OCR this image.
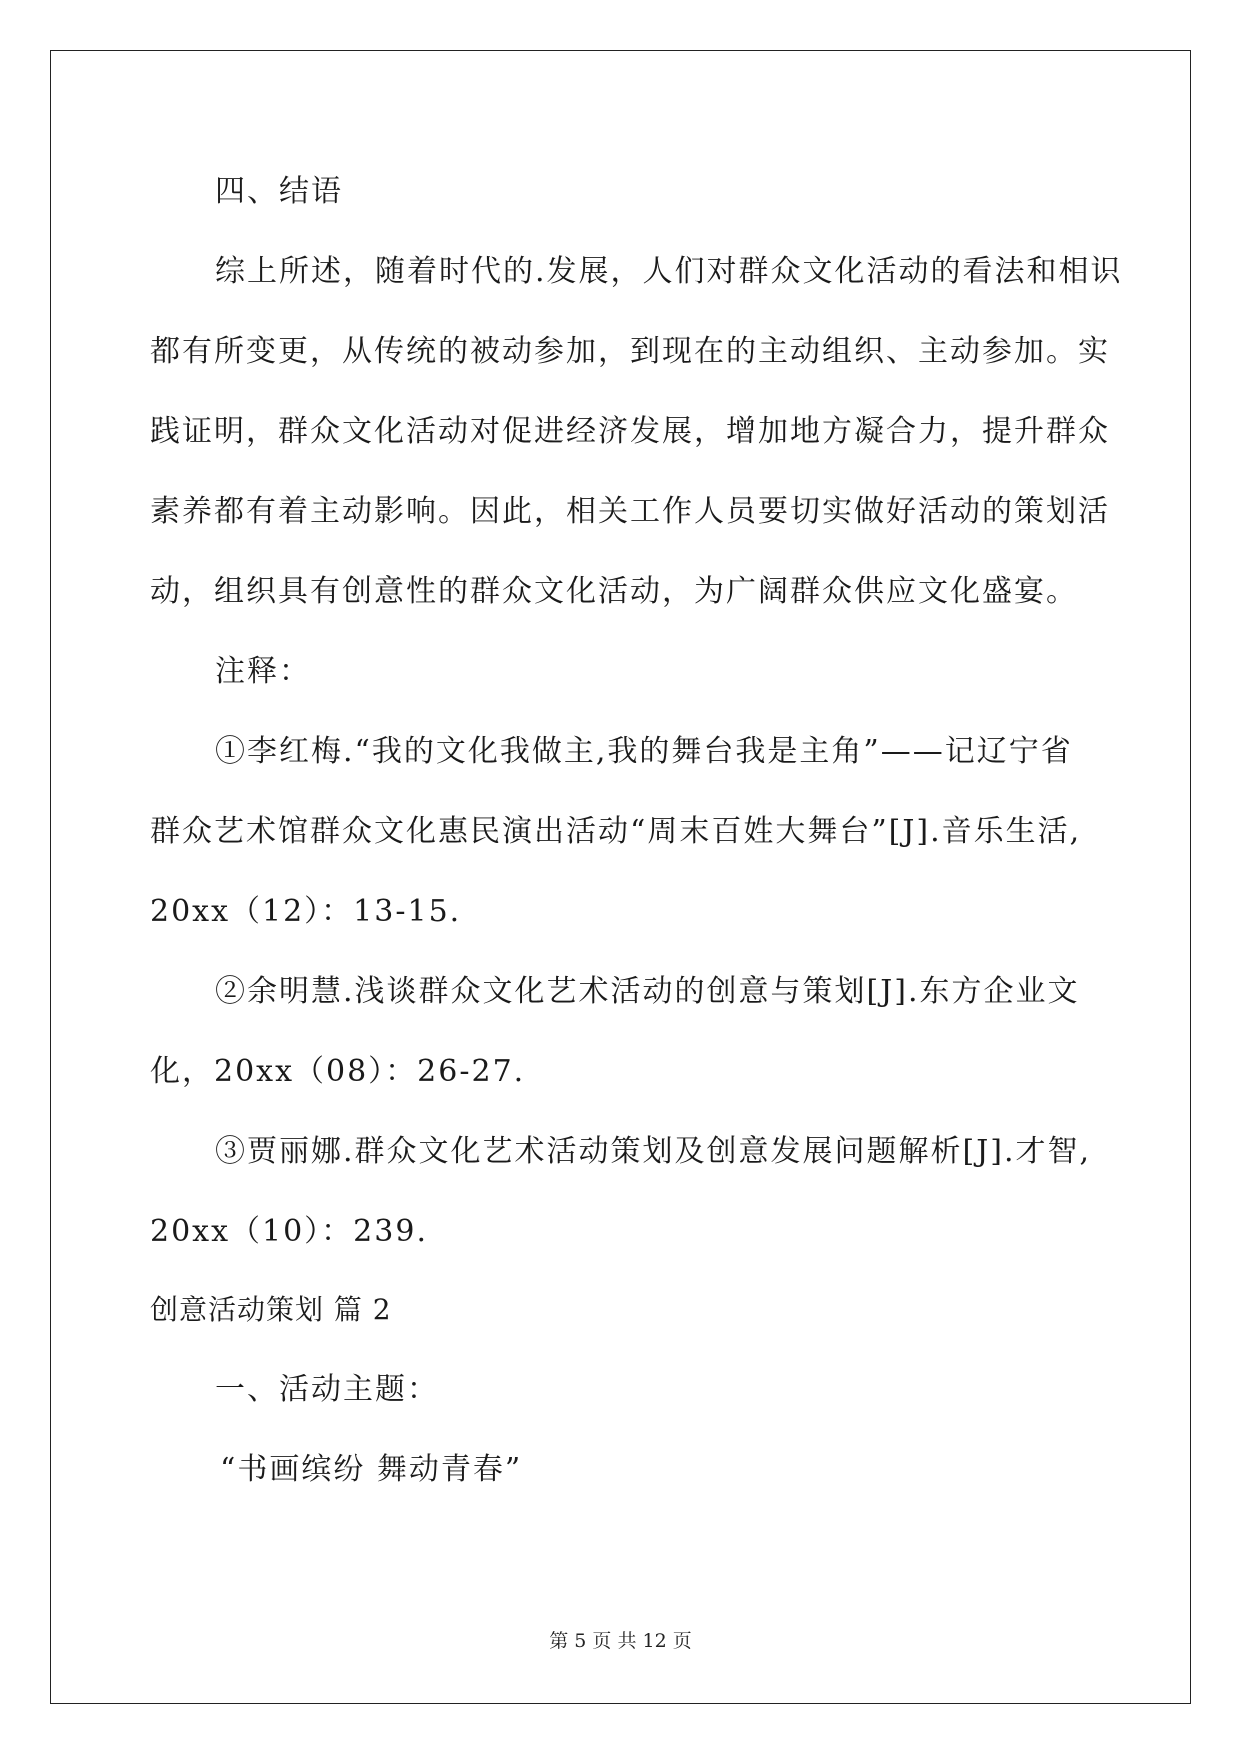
四、结语
综上所述，随着时代的.发展，人们对群众文化活动的看法和相识
都有所变更，从传统的被动参加，到现在的主动组织、主动参加。实
践证明，群众文化活动对促进经济发展，增加地方凝合力，提升群众
素养都有着主动影响。因此，相关工作人员要切实做好活动的策划活
动，组织具有创意性的群众文化活动，为广阔群众供应文化盛宴。
注释：
①李红梅.“我的文化我做主,我的舞台我是主角”——记辽宁省
群众艺术馆群众文化惠民演出活动“周末百姓大舞台”[J].音乐生活,
20xx（12）：13-15.
②余明慧.浅谈群众文化艺术活动的创意与策划[J].东方企业文
化，20xx（08）：26-27.
③贾丽娜.群众文化艺术活动策划及创意发展问题解析[J].才智,
20xx（10）：239.
创意活动策划 篇 2
一、活动主题：
“书画缤纷 舞动青春”
第 5 页 共 12 页
